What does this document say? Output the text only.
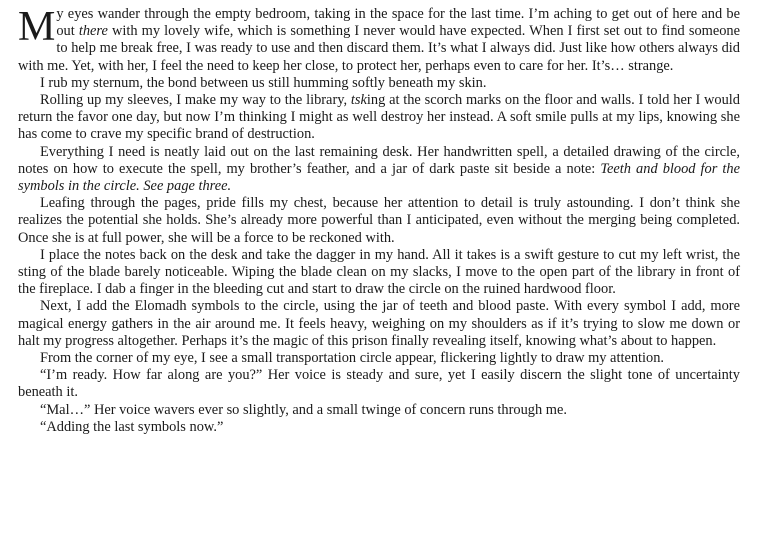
My eyes wander through the empty bedroom, taking in the space for the last time. I’m aching to get out of here and be out there with my lovely wife, which is something I never would have expected. When I first set out to find someone to help me break free, I was ready to use and then discard them. It’s what I always did. Just like how others always did with me. Yet, with her, I feel the need to keep her close, to protect her, perhaps even to care for her. It’s… strange.

I rub my sternum, the bond between us still humming softly beneath my skin.

Rolling up my sleeves, I make my way to the library, tsking at the scorch marks on the floor and walls. I told her I would return the favor one day, but now I’m thinking I might as well destroy her instead. A soft smile pulls at my lips, knowing she has come to crave my specific brand of destruction.

Everything I need is neatly laid out on the last remaining desk. Her handwritten spell, a detailed drawing of the circle, notes on how to execute the spell, my brother’s feather, and a jar of dark paste sit beside a note: Teeth and blood for the symbols in the circle. See page three.

Leafing through the pages, pride fills my chest, because her attention to detail is truly astounding. I don’t think she realizes the potential she holds. She’s already more powerful than I anticipated, even without the merging being completed. Once she is at full power, she will be a force to be reckoned with.

I place the notes back on the desk and take the dagger in my hand. All it takes is a swift gesture to cut my left wrist, the sting of the blade barely noticeable. Wiping the blade clean on my slacks, I move to the open part of the library in front of the fireplace. I dab a finger in the bleeding cut and start to draw the circle on the ruined hardwood floor.

Next, I add the Elomadh symbols to the circle, using the jar of teeth and blood paste. With every symbol I add, more magical energy gathers in the air around me. It feels heavy, weighing on my shoulders as if it’s trying to slow me down or halt my progress altogether. Perhaps it’s the magic of this prison finally revealing itself, knowing what’s about to happen.

From the corner of my eye, I see a small transportation circle appear, flickering lightly to draw my attention.

“I’m ready. How far along are you?” Her voice is steady and sure, yet I easily discern the slight tone of uncertainty beneath it.

“Mal…” Her voice wavers ever so slightly, and a small twinge of concern runs through me.

“Adding the last symbols now.”
